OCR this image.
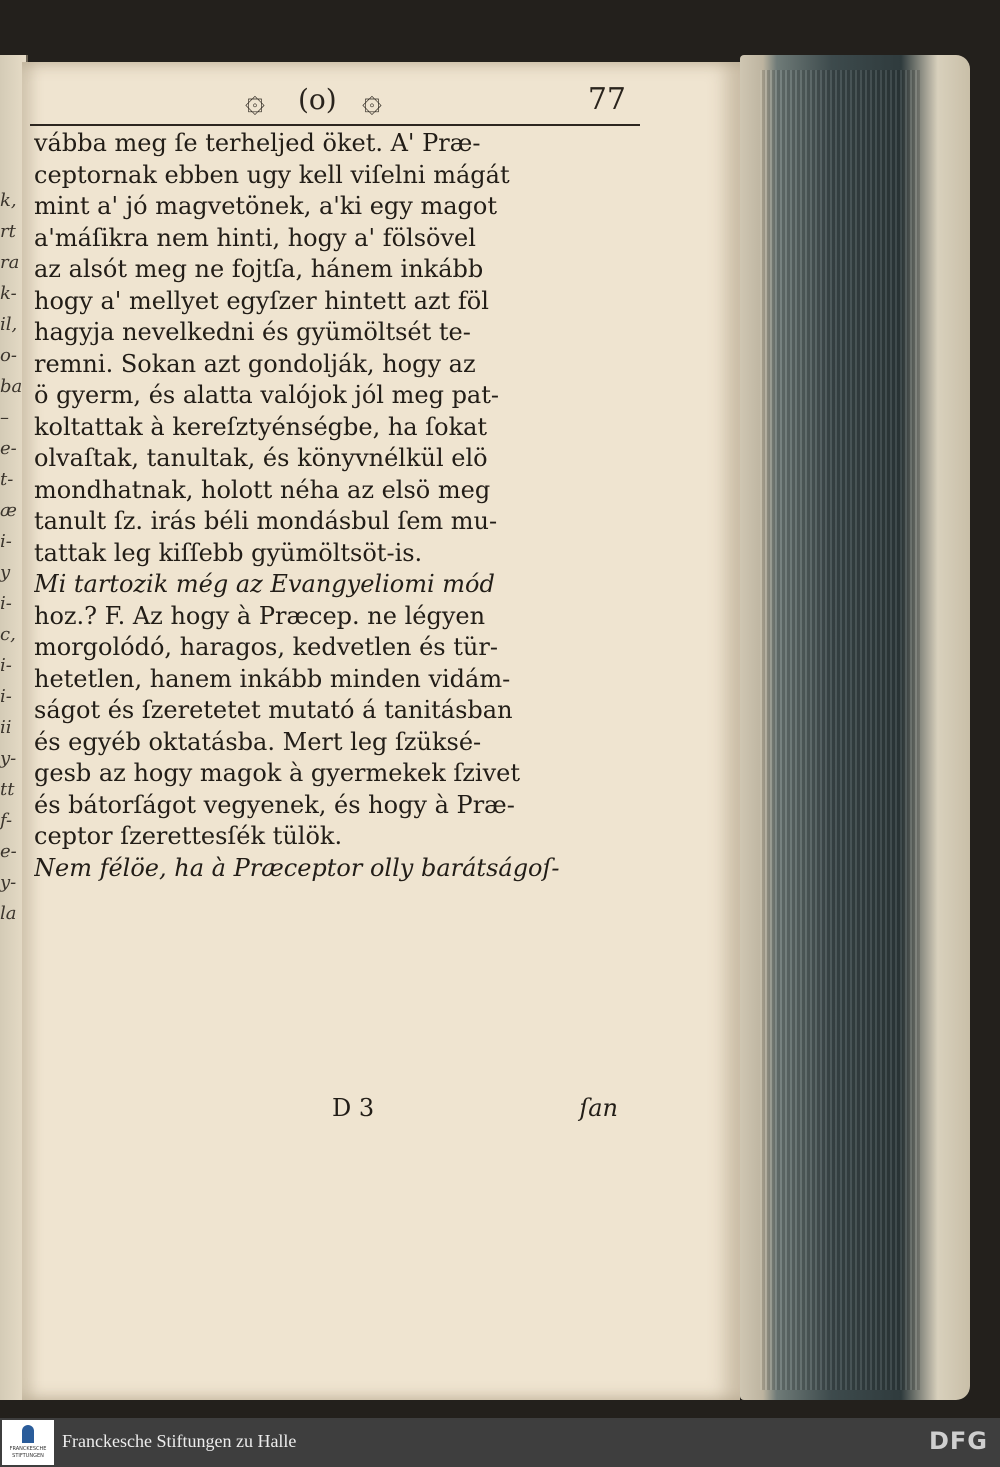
k,
rt
ra
k-
il,
o-
ba
–
e-
t-
æ
i-
y
i-
c,
i-
i-
ii
y-
tt
f-
e-
y-
la
۞ (o) ۞	77
vábba meg ſe terheljed öket. A' Præ-
ceptornak ebben ugy kell viſelni mágát
mint a' jó magvetönek, a'ki egy magot
a'máſikra nem hinti, hogy a' fölsövel
az alsót meg ne fojtſa, hánem inkább
hogy a' mellyet egyſzer hintett azt föl
hagyja nevelkedni és gyümöltsét te-
remni. Sokan azt gondolják, hogy az
ö gyerm, és alatta valójok jól meg pat-
koltattak à kereſztyénségbe, ha ſokat
olvaſtak, tanultak, és könyvnélkül elö
mondhatnak, holott néha az elsö meg
tanult ſz. irás béli mondásbul ſem mu-
tattak leg kiſſebb gyümöltsöt-is.
Mi tartozik még az Evangyeliomi mód
hoz.? F. Az hogy à Præcep. ne légyen
morgolódó, haragos, kedvetlen és tür-
hetetlen, hanem inkább minden vidám-
ságot és ſzeretetet mutató á tanitásban
és egyéb oktatásba. Mert leg ſzüksé-
gesb az hogy magok à gyermekek ſzivet
és bátorſágot vegyenek, és hogy à Præ-
ceptor ſzerettesſék tülök.
Nem félöe, ha à Præceptor olly barátságoſ-
D 3	ſan
FRANCKESCHE STIFTUNGEN
Franckesche Stiftungen zu Halle	DFG
